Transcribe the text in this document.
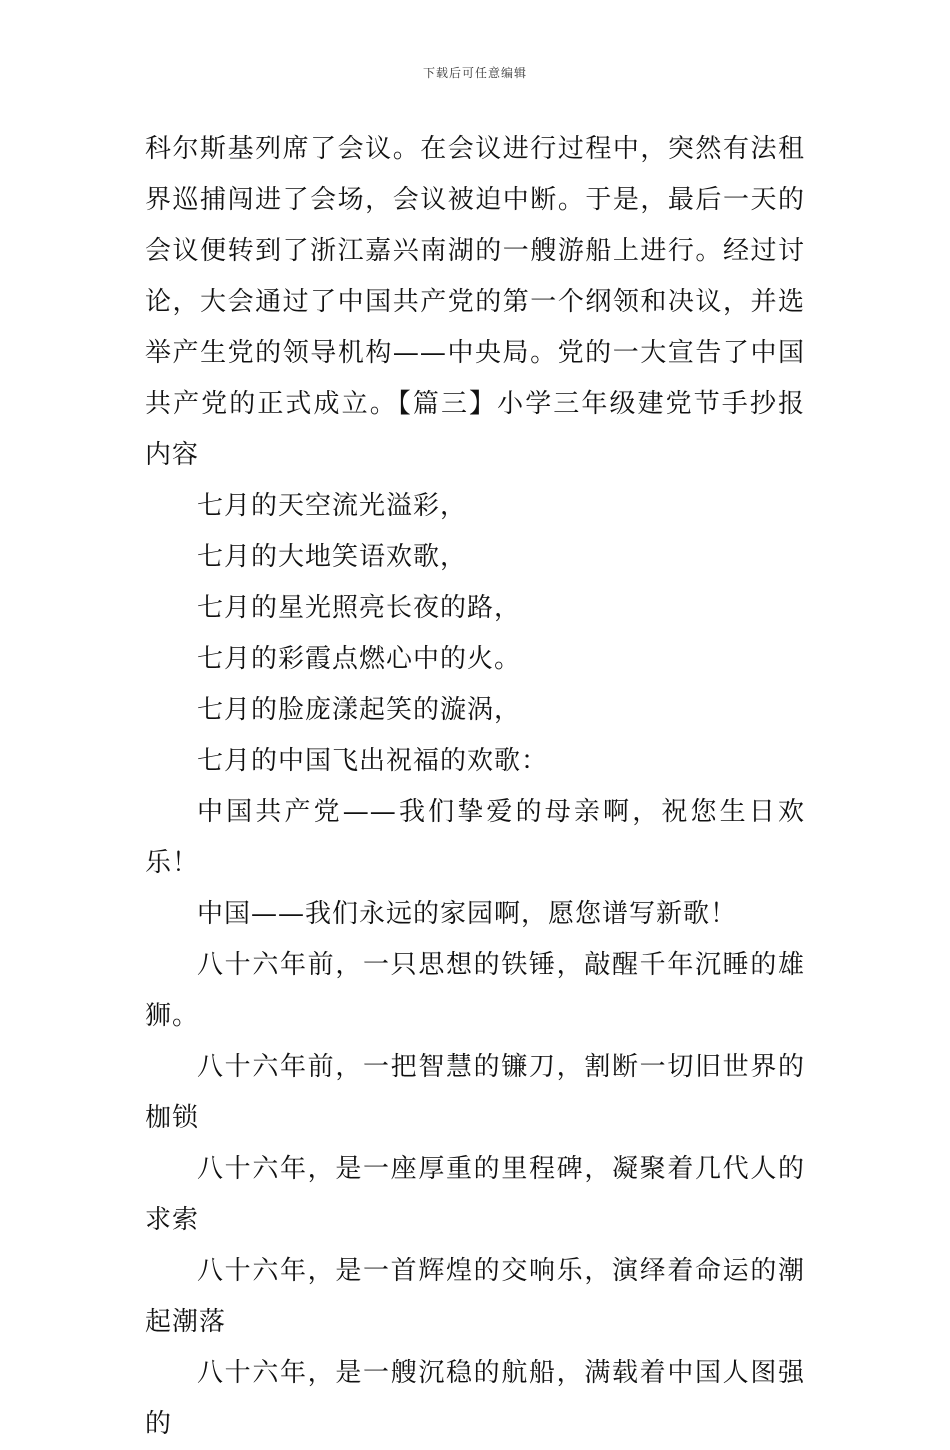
下载后可任意编辑

科尔斯基列席了会议。在会议进行过程中，突然有法租界巡捕闯进了会场，会议被迫中断。于是，最后一天的会议便转到了浙江嘉兴南湖的一艘游船上进行。经过讨论，大会通过了中国共产党的第一个纲领和决议，并选举产生党的领导机构——中央局。党的一大宣告了中国共产党的正式成立。【篇三】小学三年级建党节手抄报内容

七月的天空流光溢彩，

七月的大地笑语欢歌，

七月的星光照亮长夜的路，

七月的彩霞点燃心中的火。

七月的脸庞漾起笑的漩涡，

七月的中国飞出祝福的欢歌：

中国共产党——我们挚爱的母亲啊，祝您生日欢乐！

中国——我们永远的家园啊，愿您谱写新歌！

八十六年前，一只思想的铁锤，敲醒千年沉睡的雄狮。

八十六年前，一把智慧的镰刀，割断一切旧世界的枷锁

八十六年，是一座厚重的里程碑，凝聚着几代人的求索

八十六年，是一首辉煌的交响乐，演绎着命运的潮起潮落

八十六年，是一艘沉稳的航船，满载着中国人图强的
